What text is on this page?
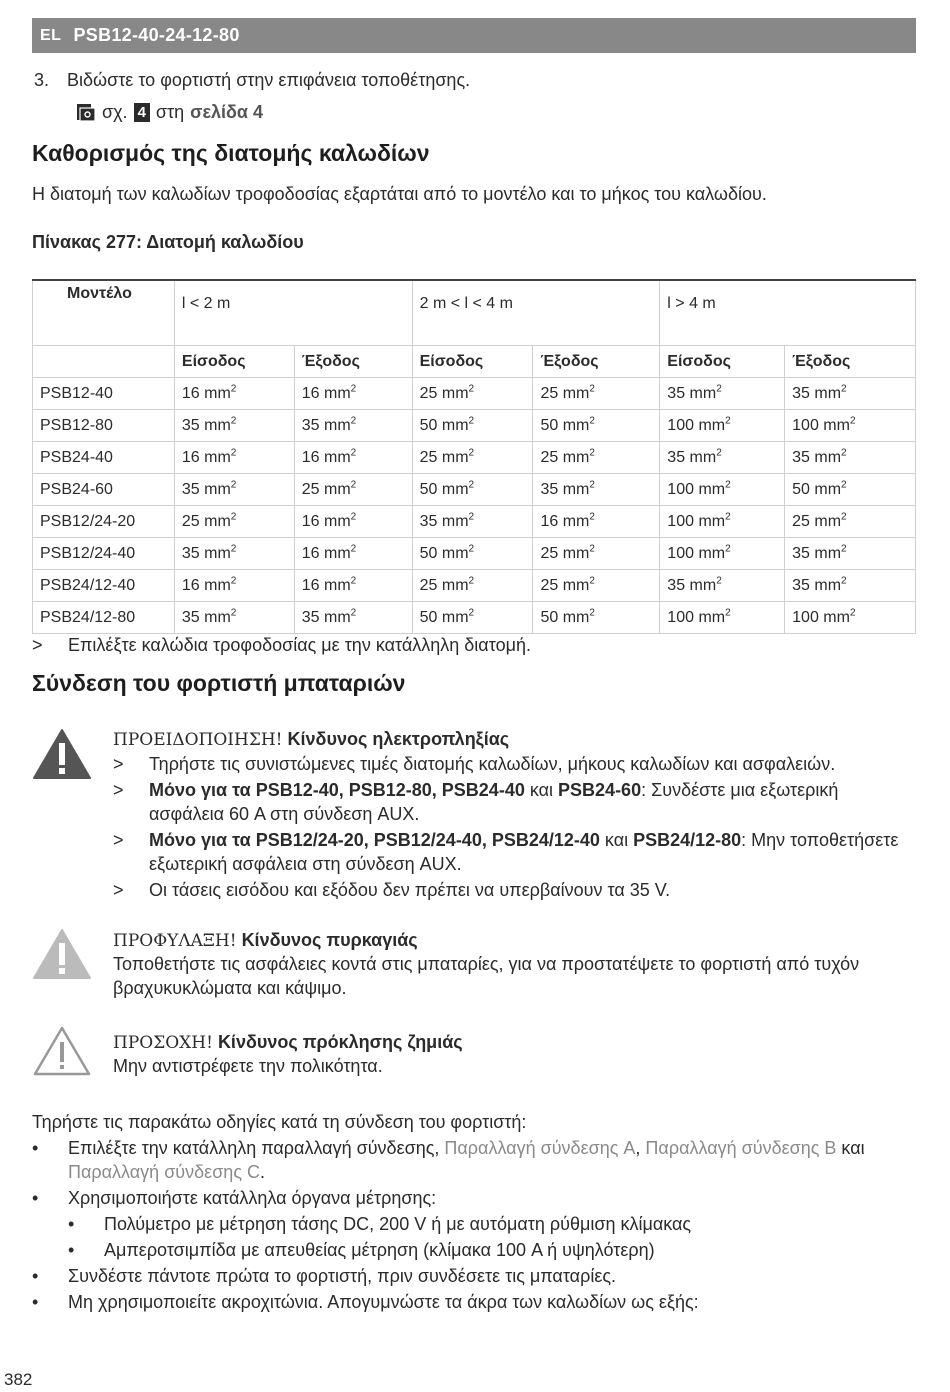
EL PSB12-40-24-12-80
3. Βιδώστε το φορτιστή στην επιφάνεια τοποθέτησης.
σχ. 4 στη σελίδα 4
Καθορισμός της διατομής καλωδίων
Η διατομή των καλωδίων τροφοδοσίας εξαρτάται από το μοντέλο και το μήκος του καλωδίου.
Πίνακας 277: Διατομή καλωδίου
Μοντέλο	l < 2 m		2 m < l < 4 m		l > 4 m	
	Είσοδος	Έξοδος	Είσοδος	Έξοδος	Είσοδος	Έξοδος
PSB12-40	16 $mm^2$	16 $mm^2$	25 $mm^2$	25 $mm^2$	35 $mm^2$	35 $mm^2$
PSB12-80	35 $mm^2$	35 $mm^2$	50 $mm^2$	50 $mm^2$	100 $mm^2$	100 $mm^2$
PSB24-40	16 $mm^2$	16 $mm^2$	25 $mm^2$	25 $mm^2$	35 $mm^2$	35 $mm^2$
PSB24-60	35 $mm^2$	25 $mm^2$	50 $mm^2$	35 $mm^2$	100 $mm^2$	50 $mm^2$
PSB12/24-20	25 $mm^2$	16 $mm^2$	35 $mm^2$	16 $mm^2$	100 $mm^2$	25 $mm^2$
PSB12/24-40	35 $mm^2$	16 $mm^2$	50 $mm^2$	25 $mm^2$	100 $mm^2$	35 $mm^2$
PSB24/12-40	16 $mm^2$	16 $mm^2$	25 $mm^2$	25 $mm^2$	35 $mm^2$	35 $mm^2$
PSB24/12-80	35 $mm^2$	35 $mm^2$	50 $mm^2$	50 $mm^2$	100 $mm^2$	100 $mm^2$
> Επιλέξτε καλώδια τροφοδοσίας με την κατάλληλη διατομή.
Σύνδεση του φορτιστή μπαταριών
ΠΡΟΕΙΔΟΠΟΙΗΣΗ! Κίνδυνος ηλεκτροπληξίας
> Τηρήστε τις συνιστώμενες τιμές διατομής καλωδίων, μήκους καλωδίων και ασφαλειών.
> Μόνο για τα PSB12-40, PSB12-80, PSB24-40 και PSB24-60: Συνδέστε μια εξωτερική ασφάλεια 60 A στη σύνδεση AUX.
> Μόνο για τα PSB12/24-20, PSB12/24-40, PSB24/12-40 και PSB24/12-80: Μην τοποθετήσετε εξωτερική ασφάλεια στη σύνδεση AUX.
> Οι τάσεις εισόδου και εξόδου δεν πρέπει να υπερβαίνουν τα 35 V.
ΠΡΟΦΥΛΑΞΗ! Κίνδυνος πυρκαγιάς
Τοποθετήστε τις ασφάλειες κοντά στις μπαταρίες, για να προστατέψετε το φορτιστή από τυχόν βραχυκυκλώματα και κάψιμο.
ΠΡΟΣΟΧΗ! Κίνδυνος πρόκλησης ζημιάς
Μην αντιστρέφετε την πολικότητα.
Τηρήστε τις παρακάτω οδηγίες κατά τη σύνδεση του φορτιστή:
• Επιλέξτε την κατάλληλη παραλλαγή σύνδεσης, Παραλλαγή σύνδεσης A, Παραλλαγή σύνδεσης B και Παραλλαγή σύνδεσης C.
• Χρησιμοποιήστε κατάλληλα όργανα μέτρησης:
• Πολύμετρο με μέτρηση τάσης DC, 200 V ή με αυτόματη ρύθμιση κλίμακας
• Αμπεροτσιμπίδα με απευθείας μέτρηση (κλίμακα 100 A ή υψηλότερη)
• Συνδέστε πάντοτε πρώτα το φορτιστή, πριν συνδέσετε τις μπαταρίες.
• Μη χρησιμοποιείτε ακροχιτώνια. Απογυμνώστε τα άκρα των καλωδίων ως εξής:
382
